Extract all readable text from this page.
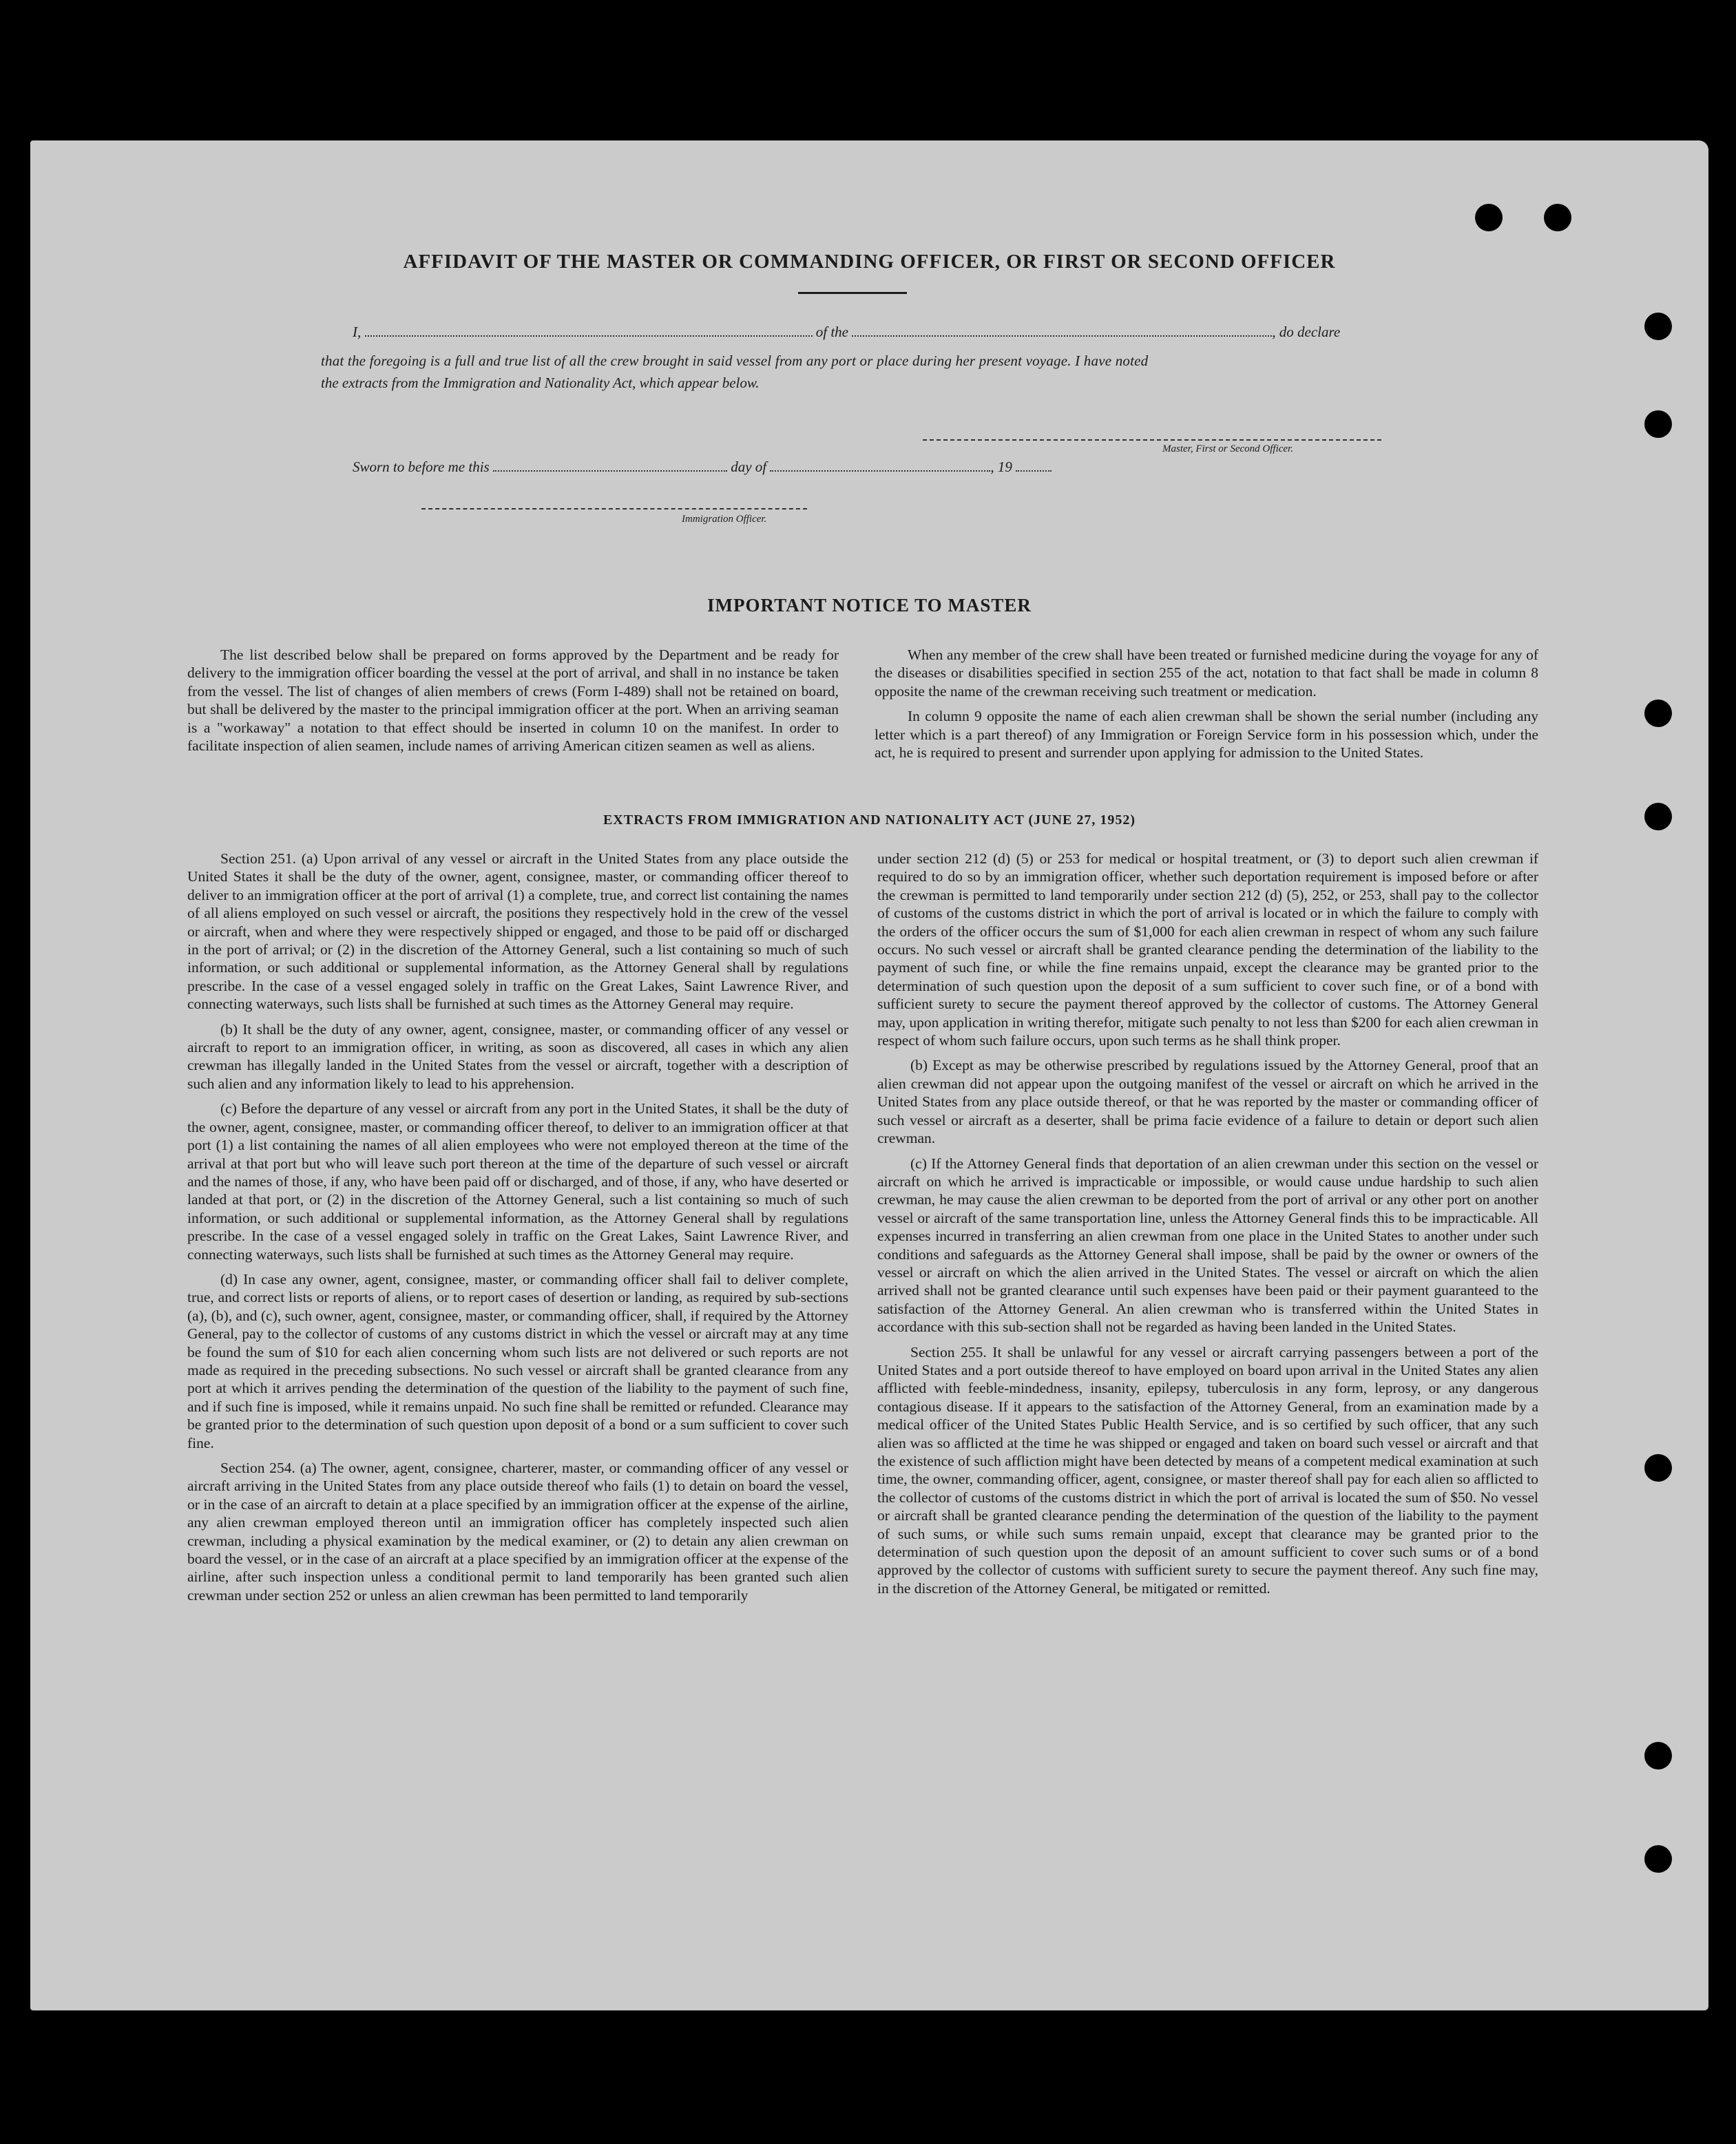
AFFIDAVIT OF THE MASTER OR COMMANDING OFFICER, OR FIRST OR SECOND OFFICER
I,	of the	, do declare
that the foregoing is a full and true list of all the crew brought in said vessel from any port or place during her present voyage. I have noted
the extracts from the Immigration and Nationality Act, which appear below.
Master, First or Second Officer.
Sworn to before me this	day of	, 19
Immigration Officer.
IMPORTANT NOTICE TO MASTER

The list described below shall be prepared on forms approved by the Department and be ready for delivery to the immigration officer boarding the vessel at the port of arrival, and shall in no instance be taken from the vessel. The list of changes of alien members of crews (Form I-489) shall not be retained on board, but shall be delivered by the master to the principal immigration officer at the port. When an arriving seaman is a "workaway" a notation to that effect should be inserted in column 10 on the manifest. In order to facilitate inspection of alien seamen, include names of arriving American citizen seamen as well as aliens.

When any member of the crew shall have been treated or furnished medicine during the voyage for any of the diseases or disabilities specified in section 255 of the act, notation to that fact shall be made in column 8 opposite the name of the crewman receiving such treatment or medication.

In column 9 opposite the name of each alien crewman shall be shown the serial number (including any letter which is a part thereof) of any Immigration or Foreign Service form in his possession which, under the act, he is required to present and surrender upon applying for admission to the United States.

EXTRACTS FROM IMMIGRATION AND NATIONALITY ACT (JUNE 27, 1952)

Section 251. (a) Upon arrival of any vessel or aircraft in the United States from any place outside the United States it shall be the duty of the owner, agent, consignee, master, or commanding officer thereof to deliver to an immigration officer at the port of arrival (1) a complete, true, and correct list containing the names of all aliens employed on such vessel or aircraft, the positions they respectively hold in the crew of the vessel or aircraft, when and where they were respectively shipped or engaged, and those to be paid off or discharged in the port of arrival; or (2) in the discretion of the Attorney General, such a list containing so much of such information, or such additional or supplemental information, as the Attorney General shall by regulations prescribe. In the case of a vessel engaged solely in traffic on the Great Lakes, Saint Lawrence River, and connecting waterways, such lists shall be furnished at such times as the Attorney General may require.

(b) It shall be the duty of any owner, agent, consignee, master, or commanding officer of any vessel or aircraft to report to an immigration officer, in writing, as soon as discovered, all cases in which any alien crewman has illegally landed in the United States from the vessel or aircraft, together with a description of such alien and any information likely to lead to his apprehension.

(c) Before the departure of any vessel or aircraft from any port in the United States, it shall be the duty of the owner, agent, consignee, master, or commanding officer thereof, to deliver to an immigration officer at that port (1) a list containing the names of all alien employees who were not employed thereon at the time of the arrival at that port but who will leave such port thereon at the time of the departure of such vessel or aircraft and the names of those, if any, who have been paid off or discharged, and of those, if any, who have deserted or landed at that port, or (2) in the discretion of the Attorney General, such a list containing so much of such information, or such additional or supplemental information, as the Attorney General shall by regulations prescribe. In the case of a vessel engaged solely in traffic on the Great Lakes, Saint Lawrence River, and connecting waterways, such lists shall be furnished at such times as the Attorney General may require.

(d) In case any owner, agent, consignee, master, or commanding officer shall fail to deliver complete, true, and correct lists or reports of aliens, or to report cases of desertion or landing, as required by sub-sections (a), (b), and (c), such owner, agent, consignee, master, or commanding officer, shall, if required by the Attorney General, pay to the collector of customs of any customs district in which the vessel or aircraft may at any time be found the sum of $10 for each alien concerning whom such lists are not delivered or such reports are not made as required in the preceding subsections. No such vessel or aircraft shall be granted clearance from any port at which it arrives pending the determination of the question of the liability to the payment of such fine, and if such fine is imposed, while it remains unpaid. No such fine shall be remitted or refunded. Clearance may be granted prior to the determination of such question upon deposit of a bond or a sum sufficient to cover such fine.

Section 254. (a) The owner, agent, consignee, charterer, master, or commanding officer of any vessel or aircraft arriving in the United States from any place outside thereof who fails (1) to detain on board the vessel, or in the case of an aircraft to detain at a place specified by an immigration officer at the expense of the airline, any alien crewman employed thereon until an immigration officer has completely inspected such alien crewman, including a physical examination by the medical examiner, or (2) to detain any alien crewman on board the vessel, or in the case of an aircraft at a place specified by an immigration officer at the expense of the airline, after such inspection unless a conditional permit to land temporarily has been granted such alien crewman under section 252 or unless an alien crewman has been permitted to land temporarily

under section 212 (d) (5) or 253 for medical or hospital treatment, or (3) to deport such alien crewman if required to do so by an immigration officer, whether such deportation requirement is imposed before or after the crewman is permitted to land temporarily under section 212 (d) (5), 252, or 253, shall pay to the collector of customs of the customs district in which the port of arrival is located or in which the failure to comply with the orders of the officer occurs the sum of $1,000 for each alien crewman in respect of whom any such failure occurs. No such vessel or aircraft shall be granted clearance pending the determination of the liability to the payment of such fine, or while the fine remains unpaid, except the clearance may be granted prior to the determination of such question upon the deposit of a sum sufficient to cover such fine, or of a bond with sufficient surety to secure the payment thereof approved by the collector of customs. The Attorney General may, upon application in writing therefor, mitigate such penalty to not less than $200 for each alien crewman in respect of whom such failure occurs, upon such terms as he shall think proper.

(b) Except as may be otherwise prescribed by regulations issued by the Attorney General, proof that an alien crewman did not appear upon the outgoing manifest of the vessel or aircraft on which he arrived in the United States from any place outside thereof, or that he was reported by the master or commanding officer of such vessel or aircraft as a deserter, shall be prima facie evidence of a failure to detain or deport such alien crewman.

(c) If the Attorney General finds that deportation of an alien crewman under this section on the vessel or aircraft on which he arrived is impracticable or impossible, or would cause undue hardship to such alien crewman, he may cause the alien crewman to be deported from the port of arrival or any other port on another vessel or aircraft of the same transportation line, unless the Attorney General finds this to be impracticable. All expenses incurred in transferring an alien crewman from one place in the United States to another under such conditions and safeguards as the Attorney General shall impose, shall be paid by the owner or owners of the vessel or aircraft on which the alien arrived in the United States. The vessel or aircraft on which the alien arrived shall not be granted clearance until such expenses have been paid or their payment guaranteed to the satisfaction of the Attorney General. An alien crewman who is transferred within the United States in accordance with this sub-section shall not be regarded as having been landed in the United States.

Section 255. It shall be unlawful for any vessel or aircraft carrying passengers between a port of the United States and a port outside thereof to have employed on board upon arrival in the United States any alien afflicted with feeble-mindedness, insanity, epilepsy, tuberculosis in any form, leprosy, or any dangerous contagious disease. If it appears to the satisfaction of the Attorney General, from an examination made by a medical officer of the United States Public Health Service, and is so certified by such officer, that any such alien was so afflicted at the time he was shipped or engaged and taken on board such vessel or aircraft and that the existence of such affliction might have been detected by means of a competent medical examination at such time, the owner, commanding officer, agent, consignee, or master thereof shall pay for each alien so afflicted to the collector of customs of the customs district in which the port of arrival is located the sum of $50. No vessel or aircraft shall be granted clearance pending the determination of the question of the liability to the payment of such sums, or while such sums remain unpaid, except that clearance may be granted prior to the determination of such question upon the deposit of an amount sufficient to cover such sums or of a bond approved by the collector of customs with sufficient surety to secure the payment thereof. Any such fine may, in the discretion of the Attorney General, be mitigated or remitted.
